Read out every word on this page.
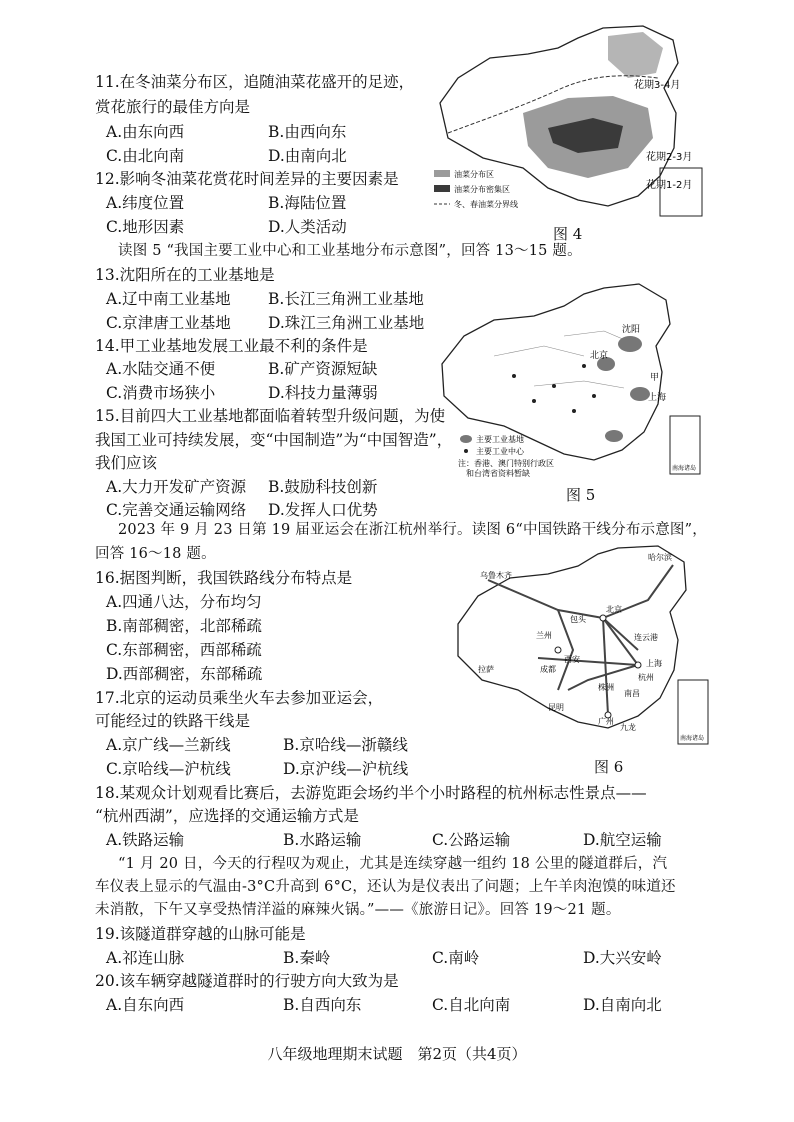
11.在冬油菜分布区，追随油菜花盛开的足迹，
赏花旅行的最佳方向是
A.由东向西	B.由西向东
C.由北向南	D.由南向北
12.影响冬油菜花赏花时间差异的主要因素是
A.纬度位置	B.海陆位置
C.地形因素	D.人类活动
花期3-4月
花期2-3月
花期1-2月
油菜分布区
油菜分布密集区
冬、春油菜分界线
图 4
读图 5 “我国主要工业中心和工业基地分布示意图”，回答 13～15 题。
13.沈阳所在的工业基地是
A.辽中南工业基地 B.长江三角洲工业基地
C.京津唐工业基地 D.珠江三角洲工业基地
14.甲工业基地发展工业最不利的条件是
A.水陆交通不便	B.矿产资源短缺
C.消费市场狭小	D.科技力量薄弱
15.目前四大工业基地都面临着转型升级问题，为使
我国工业可持续发展，变“中国制造”为“中国智造”，
我们应该
A.大力开发矿产资源 B.鼓励科技创新
C.完善交通运输网络 D.发挥人口优势
沈阳
北京
甲
上海
主要工业基地
主要工业中心
注：香港、澳门特别行政区
和台湾省资料暂缺
南海诸岛
图 5
2023 年 9 月 23 日第 19 届亚运会在浙江杭州举行。读图 6“中国铁路干线分布示意图”，
回答 16～18 题。
16.据图判断，我国铁路线分布特点是
A.四通八达，分布均匀
B.南部稠密，北部稀疏
C.东部稠密，西部稀疏
D.西部稠密，东部稀疏
17.北京的运动员乘坐火车去参加亚运会，
可能经过的铁路干线是
A.京广线—兰新线	B.京哈线—浙赣线
C.京哈线—沪杭线	D.京沪线—沪杭线
哈尔滨
乌鲁木齐
北京
包头
兰州	连云港
西安
成都
拉萨
上海
杭州
株洲
南昌
昆明
广州
九龙
南海诸岛
图 6
18.某观众计划观看比赛后，去游览距会场约半个小时路程的杭州标志性景点——
“杭州西湖”，应选择的交通运输方式是
A.铁路运输	B.水路运输	C.公路运输	D.航空运输
“1 月 20 日，今天的行程叹为观止，尤其是连续穿越一组约 18 公里的隧道群后，汽
车仪表上显示的气温由-3°C升高到 6°C，还认为是仪表出了问题；上午羊肉泡馍的味道还
未消散，下午又享受热情洋溢的麻辣火锅。”——《旅游日记》。回答 19～21 题。
19.该隧道群穿越的山脉可能是
A.祁连山脉	B.秦岭	C.南岭	D.大兴安岭
20.该车辆穿越隧道群时的行驶方向大致为是
A.自东向西	B.自西向东	C.自北向南	D.自南向北
八年级地理期末试题　第2页（共4页）
